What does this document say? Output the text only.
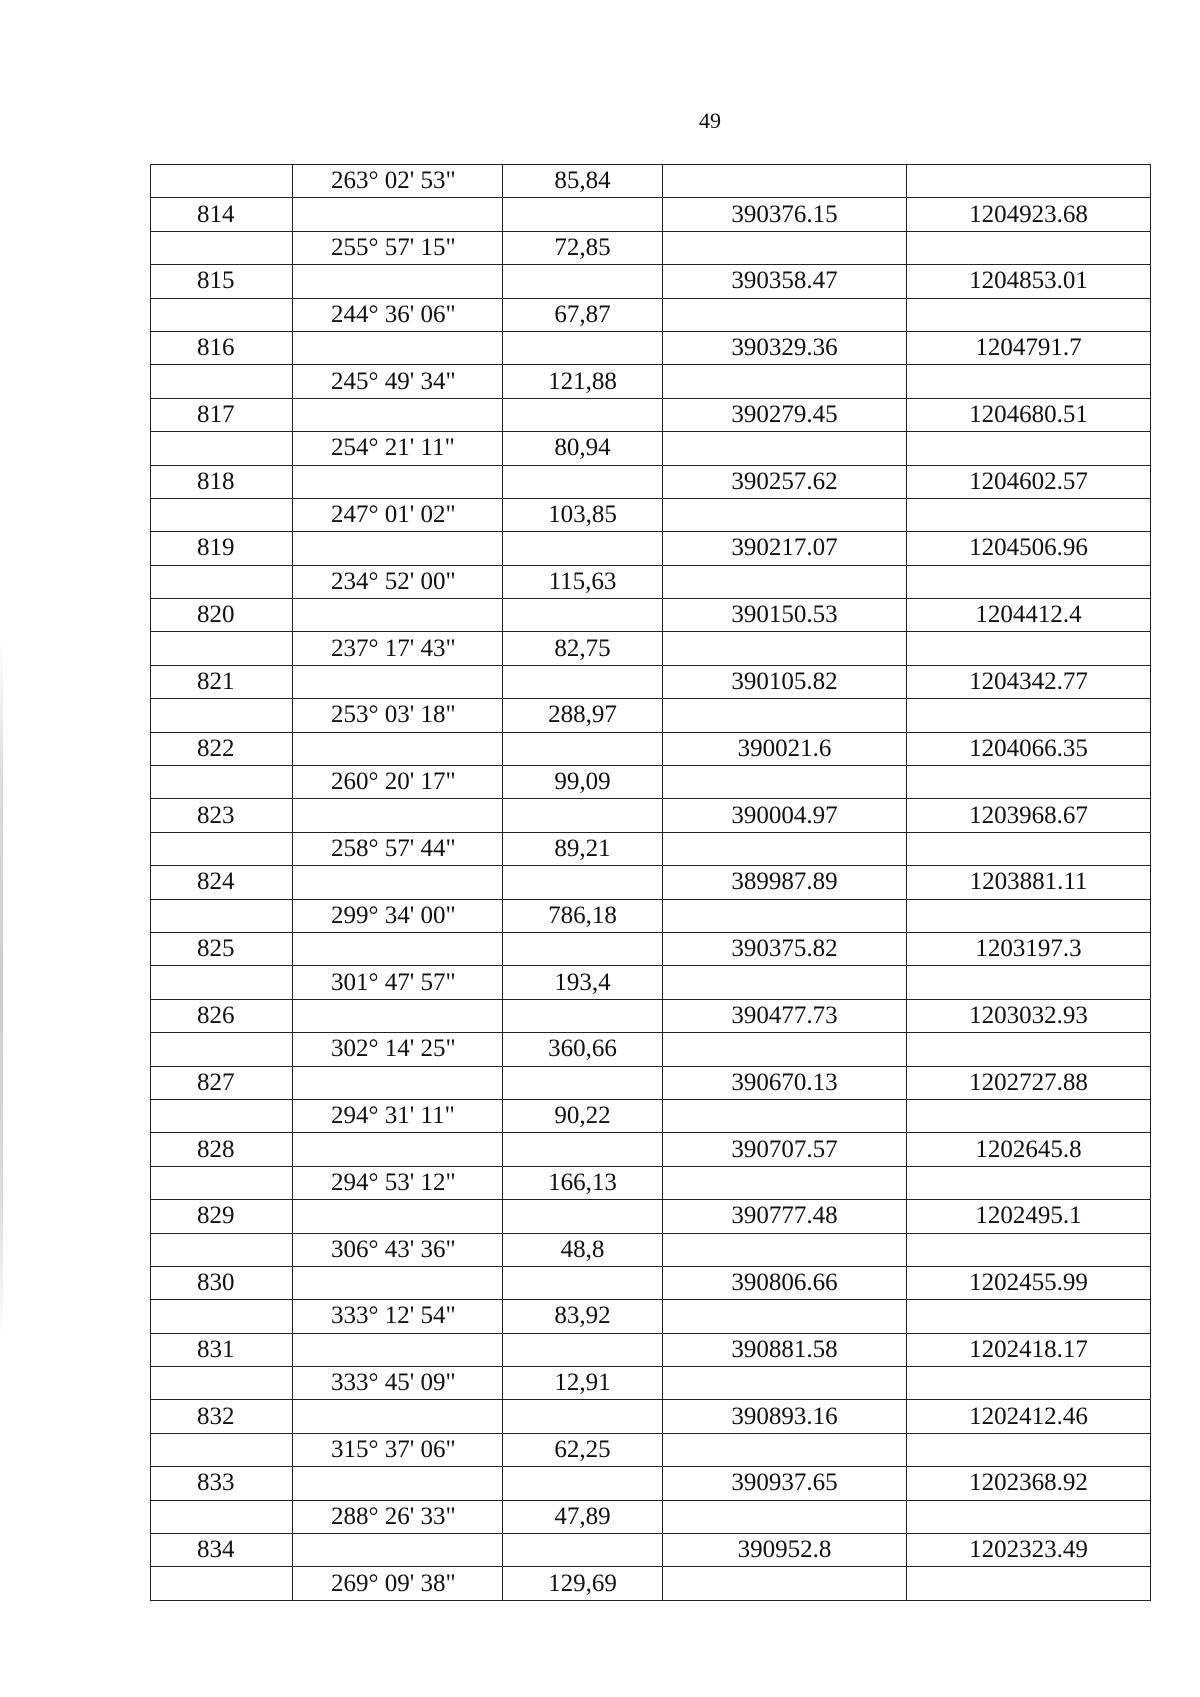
49
	263° 02' 53"	85,84		
814			390376.15	1204923.68
	255° 57' 15"	72,85		
815			390358.47	1204853.01
	244° 36' 06"	67,87		
816			390329.36	1204791.7
	245° 49' 34"	121,88		
817			390279.45	1204680.51
	254° 21' 11"	80,94		
818			390257.62	1204602.57
	247° 01' 02"	103,85		
819			390217.07	1204506.96
	234° 52' 00"	115,63		
820			390150.53	1204412.4
	237° 17' 43"	82,75		
821			390105.82	1204342.77
	253° 03' 18"	288,97		
822			390021.6	1204066.35
	260° 20' 17"	99,09		
823			390004.97	1203968.67
	258° 57' 44"	89,21		
824			389987.89	1203881.11
	299° 34' 00"	786,18		
825			390375.82	1203197.3
	301° 47' 57"	193,4		
826			390477.73	1203032.93
	302° 14' 25"	360,66		
827			390670.13	1202727.88
	294° 31' 11"	90,22		
828			390707.57	1202645.8
	294° 53' 12"	166,13		
829			390777.48	1202495.1
	306° 43' 36"	48,8		
830			390806.66	1202455.99
	333° 12' 54"	83,92		
831			390881.58	1202418.17
	333° 45' 09"	12,91		
832			390893.16	1202412.46
	315° 37' 06"	62,25		
833			390937.65	1202368.92
	288° 26' 33"	47,89		
834			390952.8	1202323.49
	269° 09' 38"	129,69		
